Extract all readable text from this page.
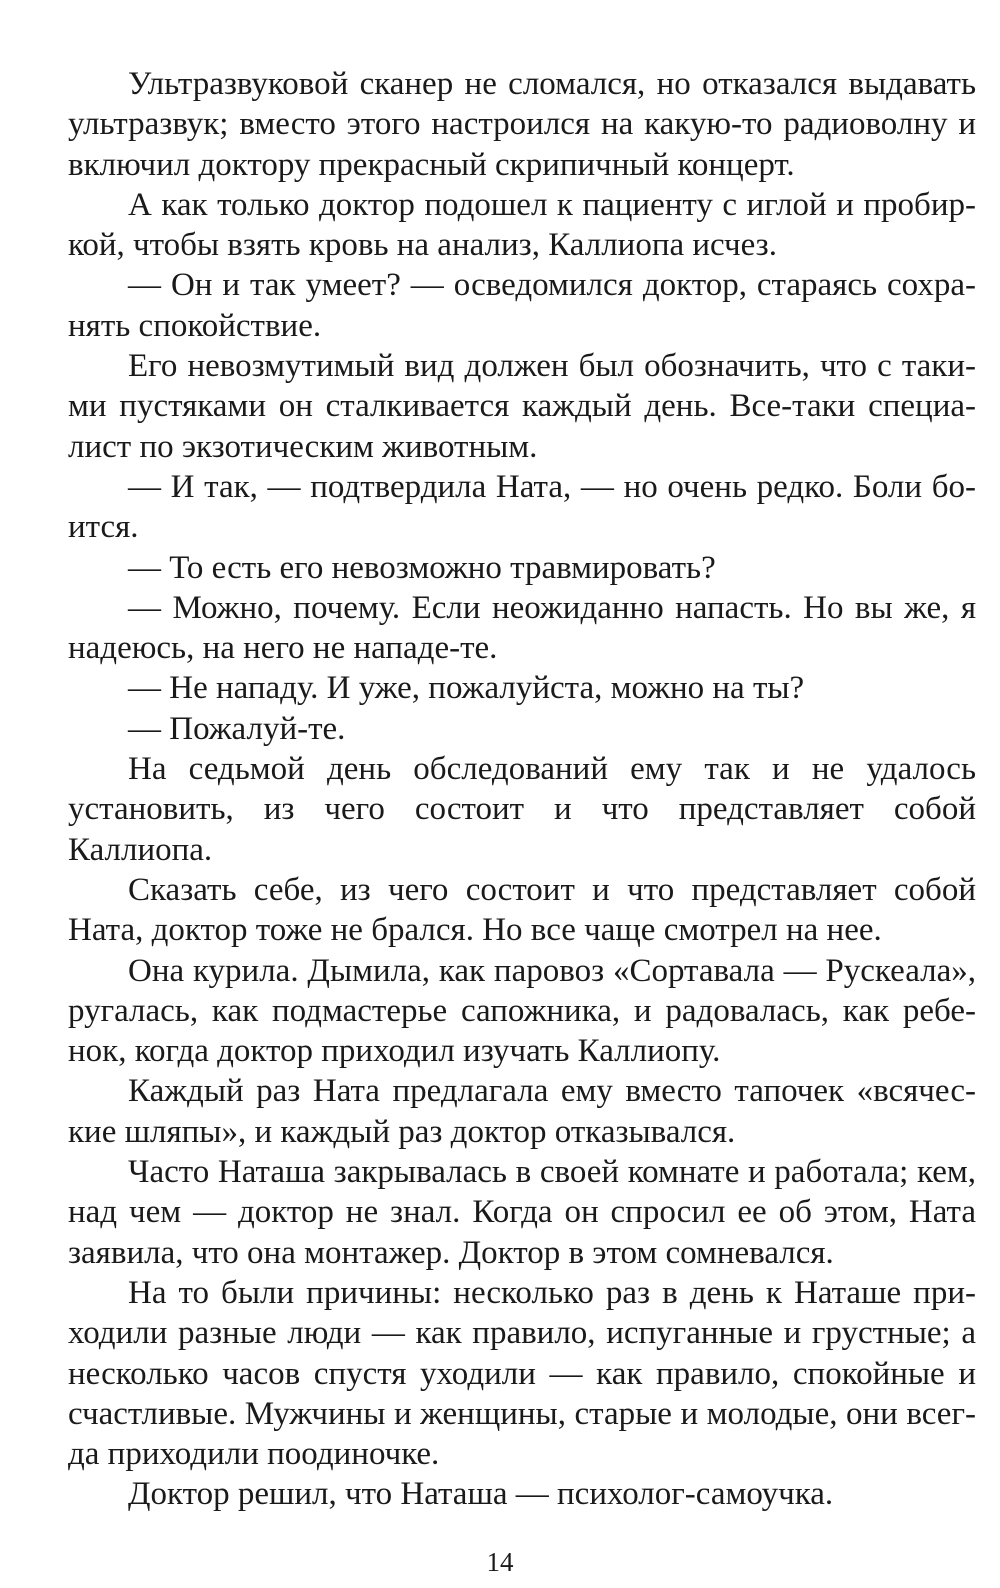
Ультразвуковой сканер не сломался, но отказался выдавать ультразвук; вместо этого настроился на какую-то радиоволну и включил доктору прекрасный скрипичный концерт.

А как только доктор подошел к пациенту с иглой и пробиркой, чтобы взять кровь на анализ, Каллиопа исчез.

— Он и так умеет? — осведомился доктор, стараясь сохранять спокойствие.

Его невозмутимый вид должен был обозначить, что с такими пустяками он сталкивается каждый день. Все-таки специалист по экзотическим животным.

— И так, — подтвердила Ната, — но очень редко. Боли боится.

— То есть его невозможно травмировать?

— Можно, почему. Если неожиданно напасть. Но вы же, я надеюсь, на него не нападе-те.

— Не нападу. И уже, пожалуйста, можно на ты?

— Пожалуй-те.

На седьмой день обследований ему так и не удалось установить, из чего состоит и что представляет собой Каллиопа.

Сказать себе, из чего состоит и что представляет собой Ната, доктор тоже не брался. Но все чаще смотрел на нее.

Она курила. Дымила, как паровоз «Сортавала — Рускеала», ругалась, как подмастерье сапожника, и радовалась, как ребенок, когда доктор приходил изучать Каллиопу.

Каждый раз Ната предлагала ему вместо тапочек «всяческие шляпы», и каждый раз доктор отказывался.

Часто Наташа закрывалась в своей комнате и работала; кем, над чем — доктор не знал. Когда он спросил ее об этом, Ната заявила, что она монтажер. Доктор в этом сомневался.

На то были причины: несколько раз в день к Наташе приходили разные люди — как правило, испуганные и грустные; а несколько часов спустя уходили — как правило, спокойные и счастливые. Мужчины и женщины, старые и молодые, они всегда приходили поодиночке.

Доктор решил, что Наташа — психолог-самоучка.

14
